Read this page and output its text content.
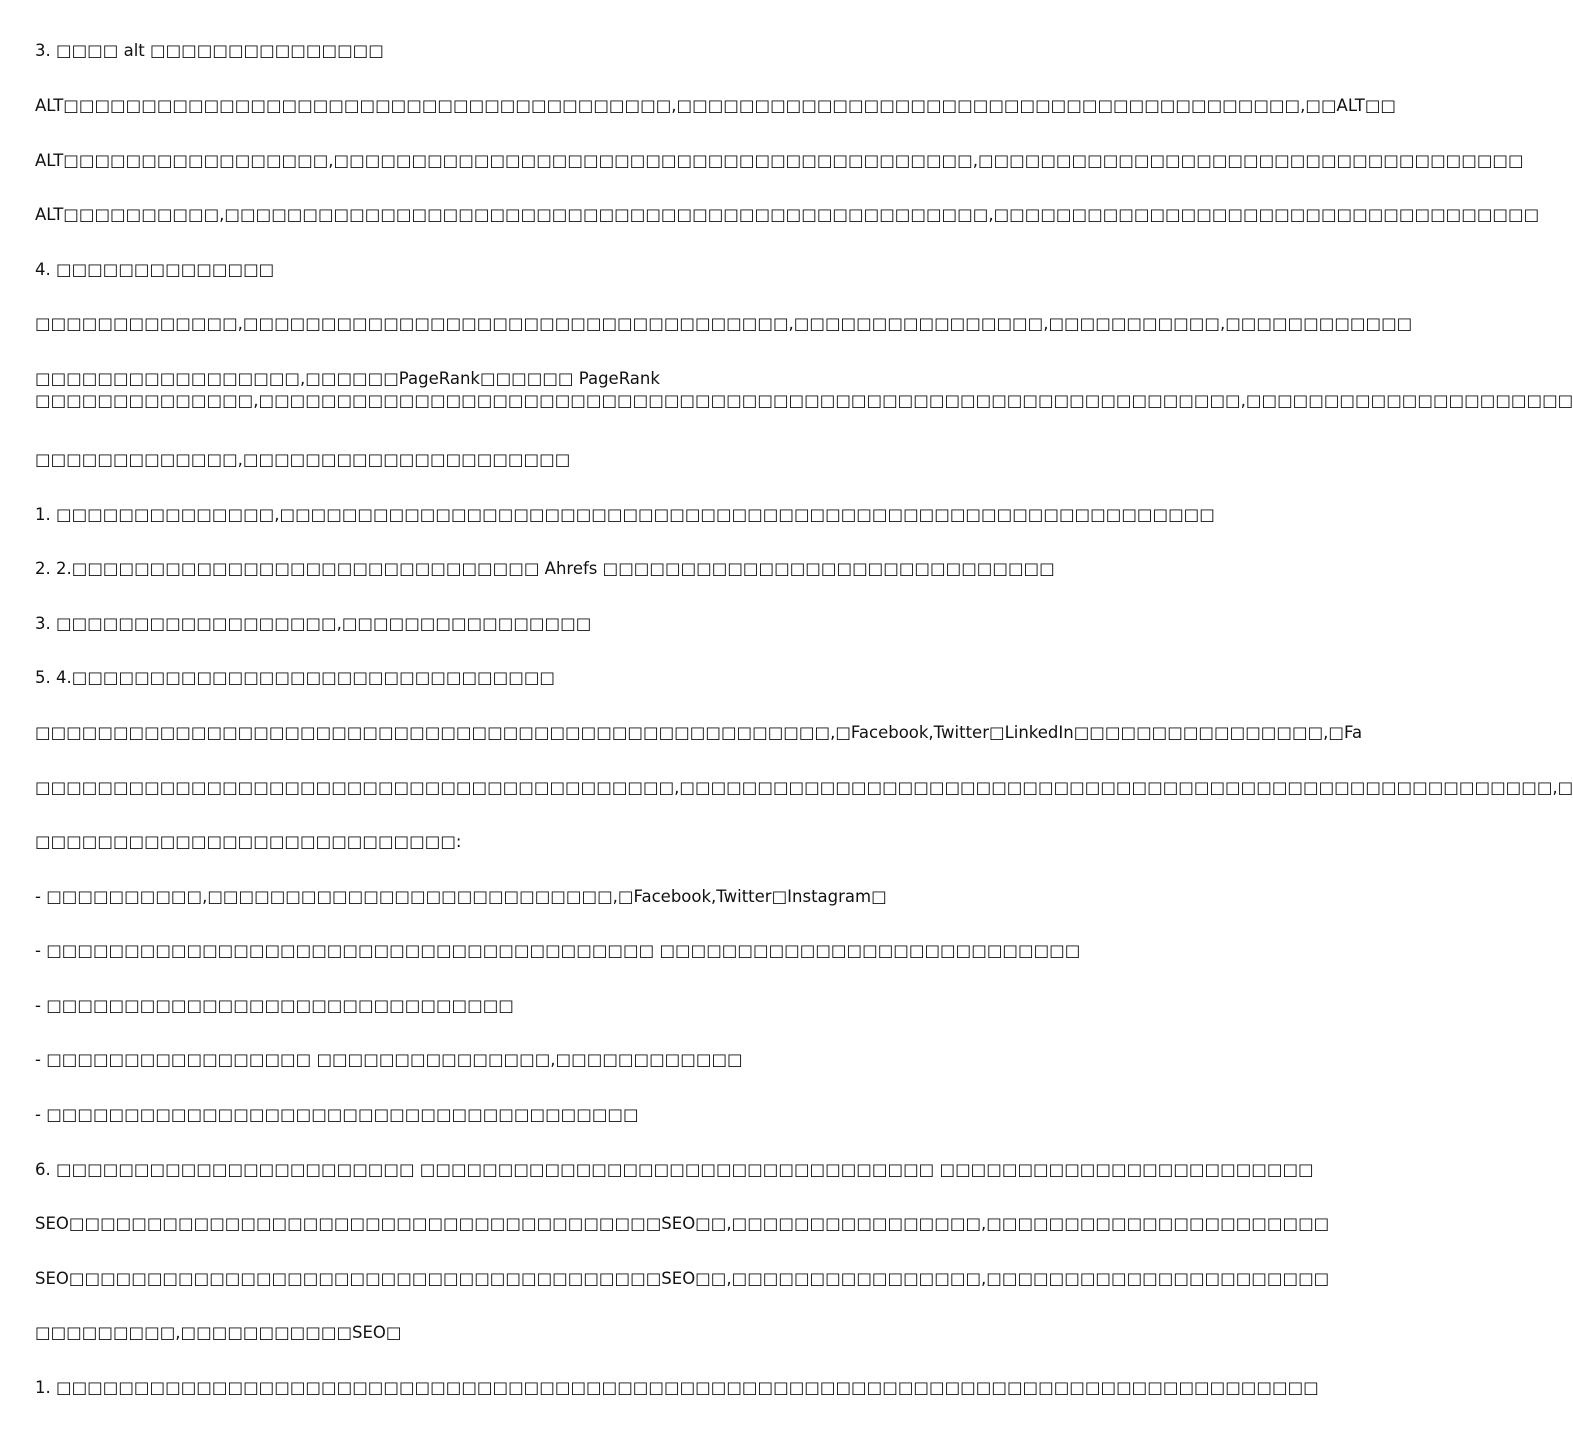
3. □□□□ alt □□□□□□□□□□□□□□□
ALT□□□□□□□□□□□□□□□□□□□□□□□□□□□□□□□□□□□□□□□,□□□□□□□□□□□□□□□□□□□□□□□□□□□□□□□□□□□□□□□□,□□ALT□□
ALT□□□□□□□□□□□□□□□□□,□□□□□□□□□□□□□□□□□□□□□□□□□□□□□□□□□□□□□□□□□,□□□□□□□□□□□□□□□□□□□□□□□□□□□□□□□□□□□
ALT□□□□□□□□□□,□□□□□□□□□□□□□□□□□□□□□□□□□□□□□□□□□□□□□□□□□□□□□□□□□,□□□□□□□□□□□□□□□□□□□□□□□□□□□□□□□□□□□
4. □□□□□□□□□□□□□□
□□□□□□□□□□□□□,□□□□□□□□□□□□□□□□□□□□□□□□□□□□□□□□□□□,□□□□□□□□□□□□□□□□,□□□□□□□□□□□,□□□□□□□□□□□□
□□□□□□□□□□□□□□□□□,□□□□□□PageRank□□□□□□ PageRank
□□□□□□□□□□□□□□,□□□□□□□□□□□□□□□□□□□□□□□□□□□□□□□□□□□□□□□□□□□□□□□□□□□□□□□□□□□□□□□,□□□□□□□□□□□□□□□□□□□□□
□□□□□□□□□□□□□,□□□□□□□□□□□□□□□□□□□□□
1. □□□□□□□□□□□□□□,□□□□□□□□□□□□□□□□□□□□□□□□□□□□□□□□□□□□□□□□□□□□□□□□□□□□□□□□□□□□
2. 2.□□□□□□□□□□□□□□□□□□□□□□□□□□□□□□ Ahrefs □□□□□□□□□□□□□□□□□□□□□□□□□□□□□
3. □□□□□□□□□□□□□□□□□□,□□□□□□□□□□□□□□□□
5. 4.□□□□□□□□□□□□□□□□□□□□□□□□□□□□□□□
□□□□□□□□□□□□□□□□□□□□□□□□□□□□□□□□□□□□□□□□□□□□□□□□□□□,□Facebook,Twitter□LinkedIn□□□□□□□□□□□□□□□□,□Fa
□□□□□□□□□□□□□□□□□□□□□□□□□□□□□□□□□□□□□□□□□,□□□□□□□□□□□□□□□□□□□□□□□□□□□□□□□□□□□□□□□□□□□□□□□□□□□□□□□□,□
□□□□□□□□□□□□□□□□□□□□□□□□□□□:
- □□□□□□□□□□,□□□□□□□□□□□□□□□□□□□□□□□□□□,□Facebook,Twitter□Instagram□
- □□□□□□□□□□□□□□□□□□□□□□□□□□□□□□□□□□□□□□□ □□□□□□□□□□□□□□□□□□□□□□□□□□□
- □□□□□□□□□□□□□□□□□□□□□□□□□□□□□□
- □□□□□□□□□□□□□□□□□ □□□□□□□□□□□□□□□,□□□□□□□□□□□□
- □□□□□□□□□□□□□□□□□□□□□□□□□□□□□□□□□□□□□□
6. □□□□□□□□□□□□□□□□□□□□□□□ □□□□□□□□□□□□□□□□□□□□□□□□□□□□□□□□□ □□□□□□□□□□□□□□□□□□□□□□□□
SEO□□□□□□□□□□□□□□□□□□□□□□□□□□□□□□□□□□□□□□SEO□□,□□□□□□□□□□□□□□□□,□□□□□□□□□□□□□□□□□□□□□□
SEO□□□□□□□□□□□□□□□□□□□□□□□□□□□□□□□□□□□□□□SEO□□,□□□□□□□□□□□□□□□□,□□□□□□□□□□□□□□□□□□□□□□
□□□□□□□□□,□□□□□□□□□□□SEO□
1. □□□□□□□□□□□□□□□□□□□□□□□□□□□□□□□□□□□□□□□□□□□□□□□□□□□□□□□□□□□□□□□□□□□□□□□□□□□□□□□□□
